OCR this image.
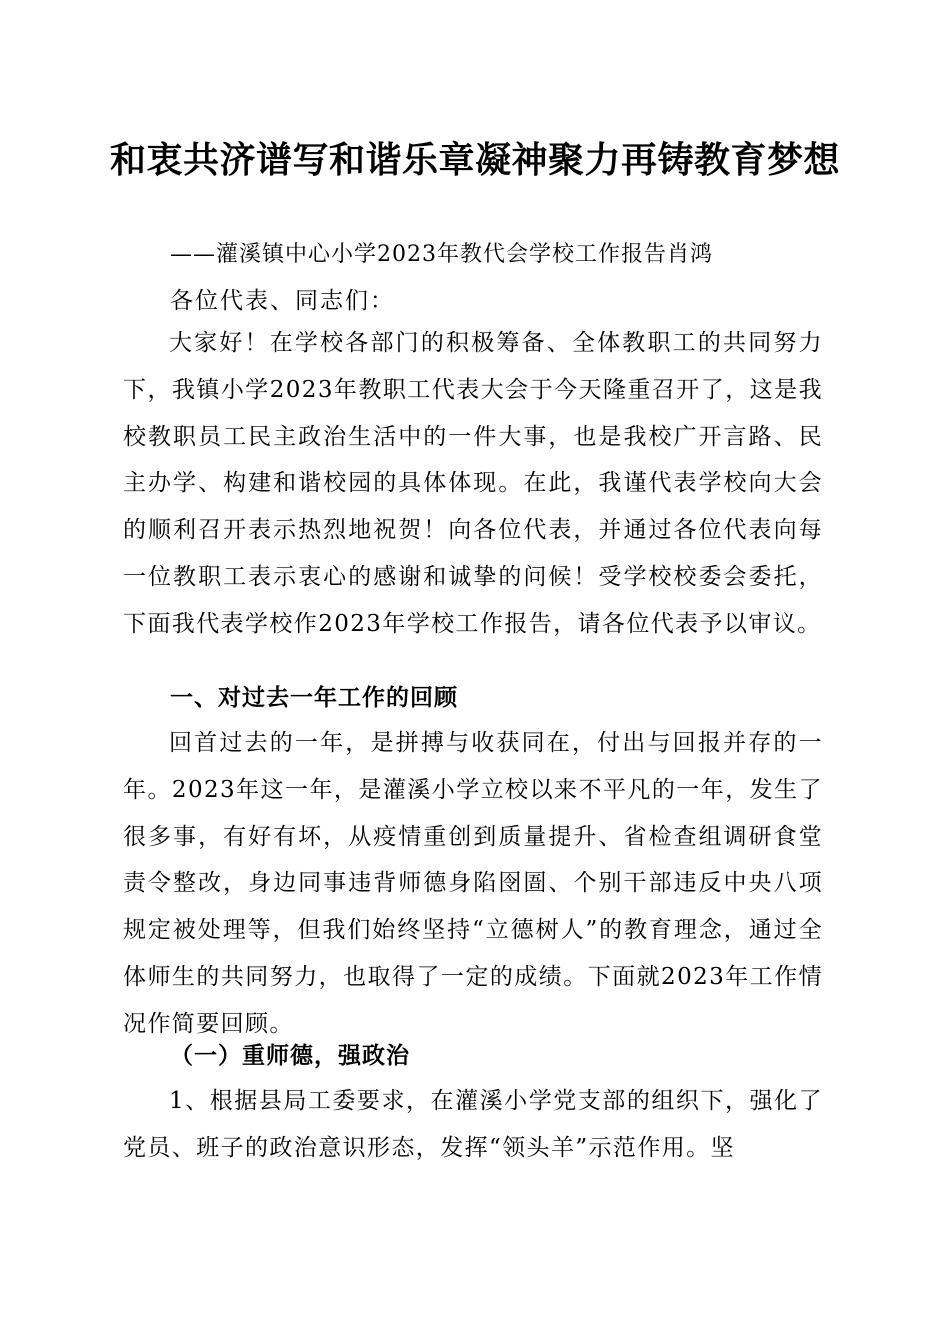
和衷共济谱写和谐乐章凝神聚力再铸教育梦想

——灌溪镇中心小学2023年教代会学校工作报告肖鸿

各位代表、同志们：

大家好！在学校各部门的积极筹备、全体教职工的共同努力下，我镇小学2023年教职工代表大会于今天隆重召开了，这是我校教职员工民主政治生活中的一件大事，也是我校广开言路、民主办学、构建和谐校园的具体体现。在此，我谨代表学校向大会的顺利召开表示热烈地祝贺！向各位代表，并通过各位代表向每一位教职工表示衷心的感谢和诚挚的问候！受学校校委会委托，下面我代表学校作2023年学校工作报告，请各位代表予以审议。

一、对过去一年工作的回顾

回首过去的一年，是拼搏与收获同在，付出与回报并存的一年。2023年这一年，是灌溪小学立校以来不平凡的一年，发生了很多事，有好有坏，从疫情重创到质量提升、省检查组调研食堂责令整改，身边同事违背师德身陷囹圄、个别干部违反中央八项规定被处理等，但我们始终坚持“立德树人”的教育理念，通过全体师生的共同努力，也取得了一定的成绩。下面就2023年工作情况作简要回顾。

（一）重师德，强政治

1、根据县局工委要求，在灌溪小学党支部的组织下，强化了党员、班子的政治意识形态，发挥“领头羊”示范作用。坚
